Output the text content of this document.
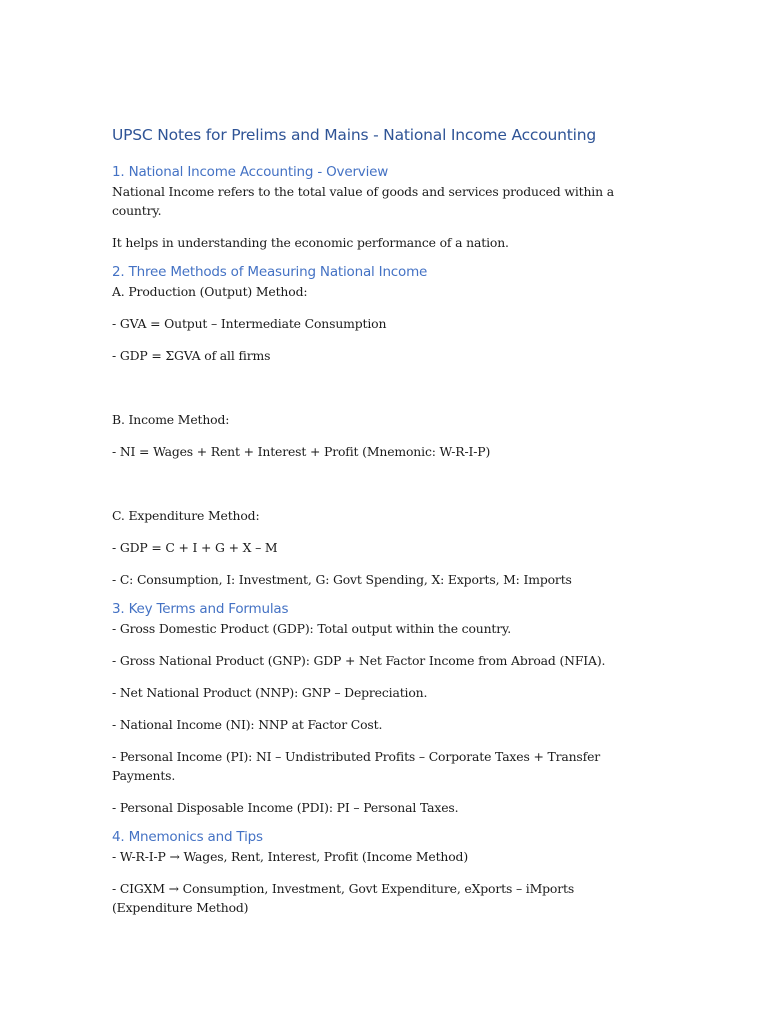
UPSC Notes for Prelims and Mains - National Income Accounting
1. National Income Accounting - Overview

National Income refers to the total value of goods and services produced within a country.

It helps in understanding the economic performance of a nation.

2. Three Methods of Measuring National Income

A. Production (Output) Method:

- GVA = Output – Intermediate Consumption

- GDP = ΣGVA of all firms

B. Income Method:

- NI = Wages + Rent + Interest + Profit (Mnemonic: W-R-I-P)

C. Expenditure Method:

- GDP = C + I + G + X – M

- C: Consumption, I: Investment, G: Govt Spending, X: Exports, M: Imports

3. Key Terms and Formulas

- Gross Domestic Product (GDP): Total output within the country.

- Gross National Product (GNP): GDP + Net Factor Income from Abroad (NFIA).

- Net National Product (NNP): GNP – Depreciation.

- National Income (NI): NNP at Factor Cost.

- Personal Income (PI): NI – Undistributed Profits – Corporate Taxes + Transfer Payments.

- Personal Disposable Income (PDI): PI – Personal Taxes.

4. Mnemonics and Tips

- W-R-I-P → Wages, Rent, Interest, Profit (Income Method)

- CIGXM → Consumption, Investment, Govt Expenditure, eXports – iMports (Expenditure Method)
